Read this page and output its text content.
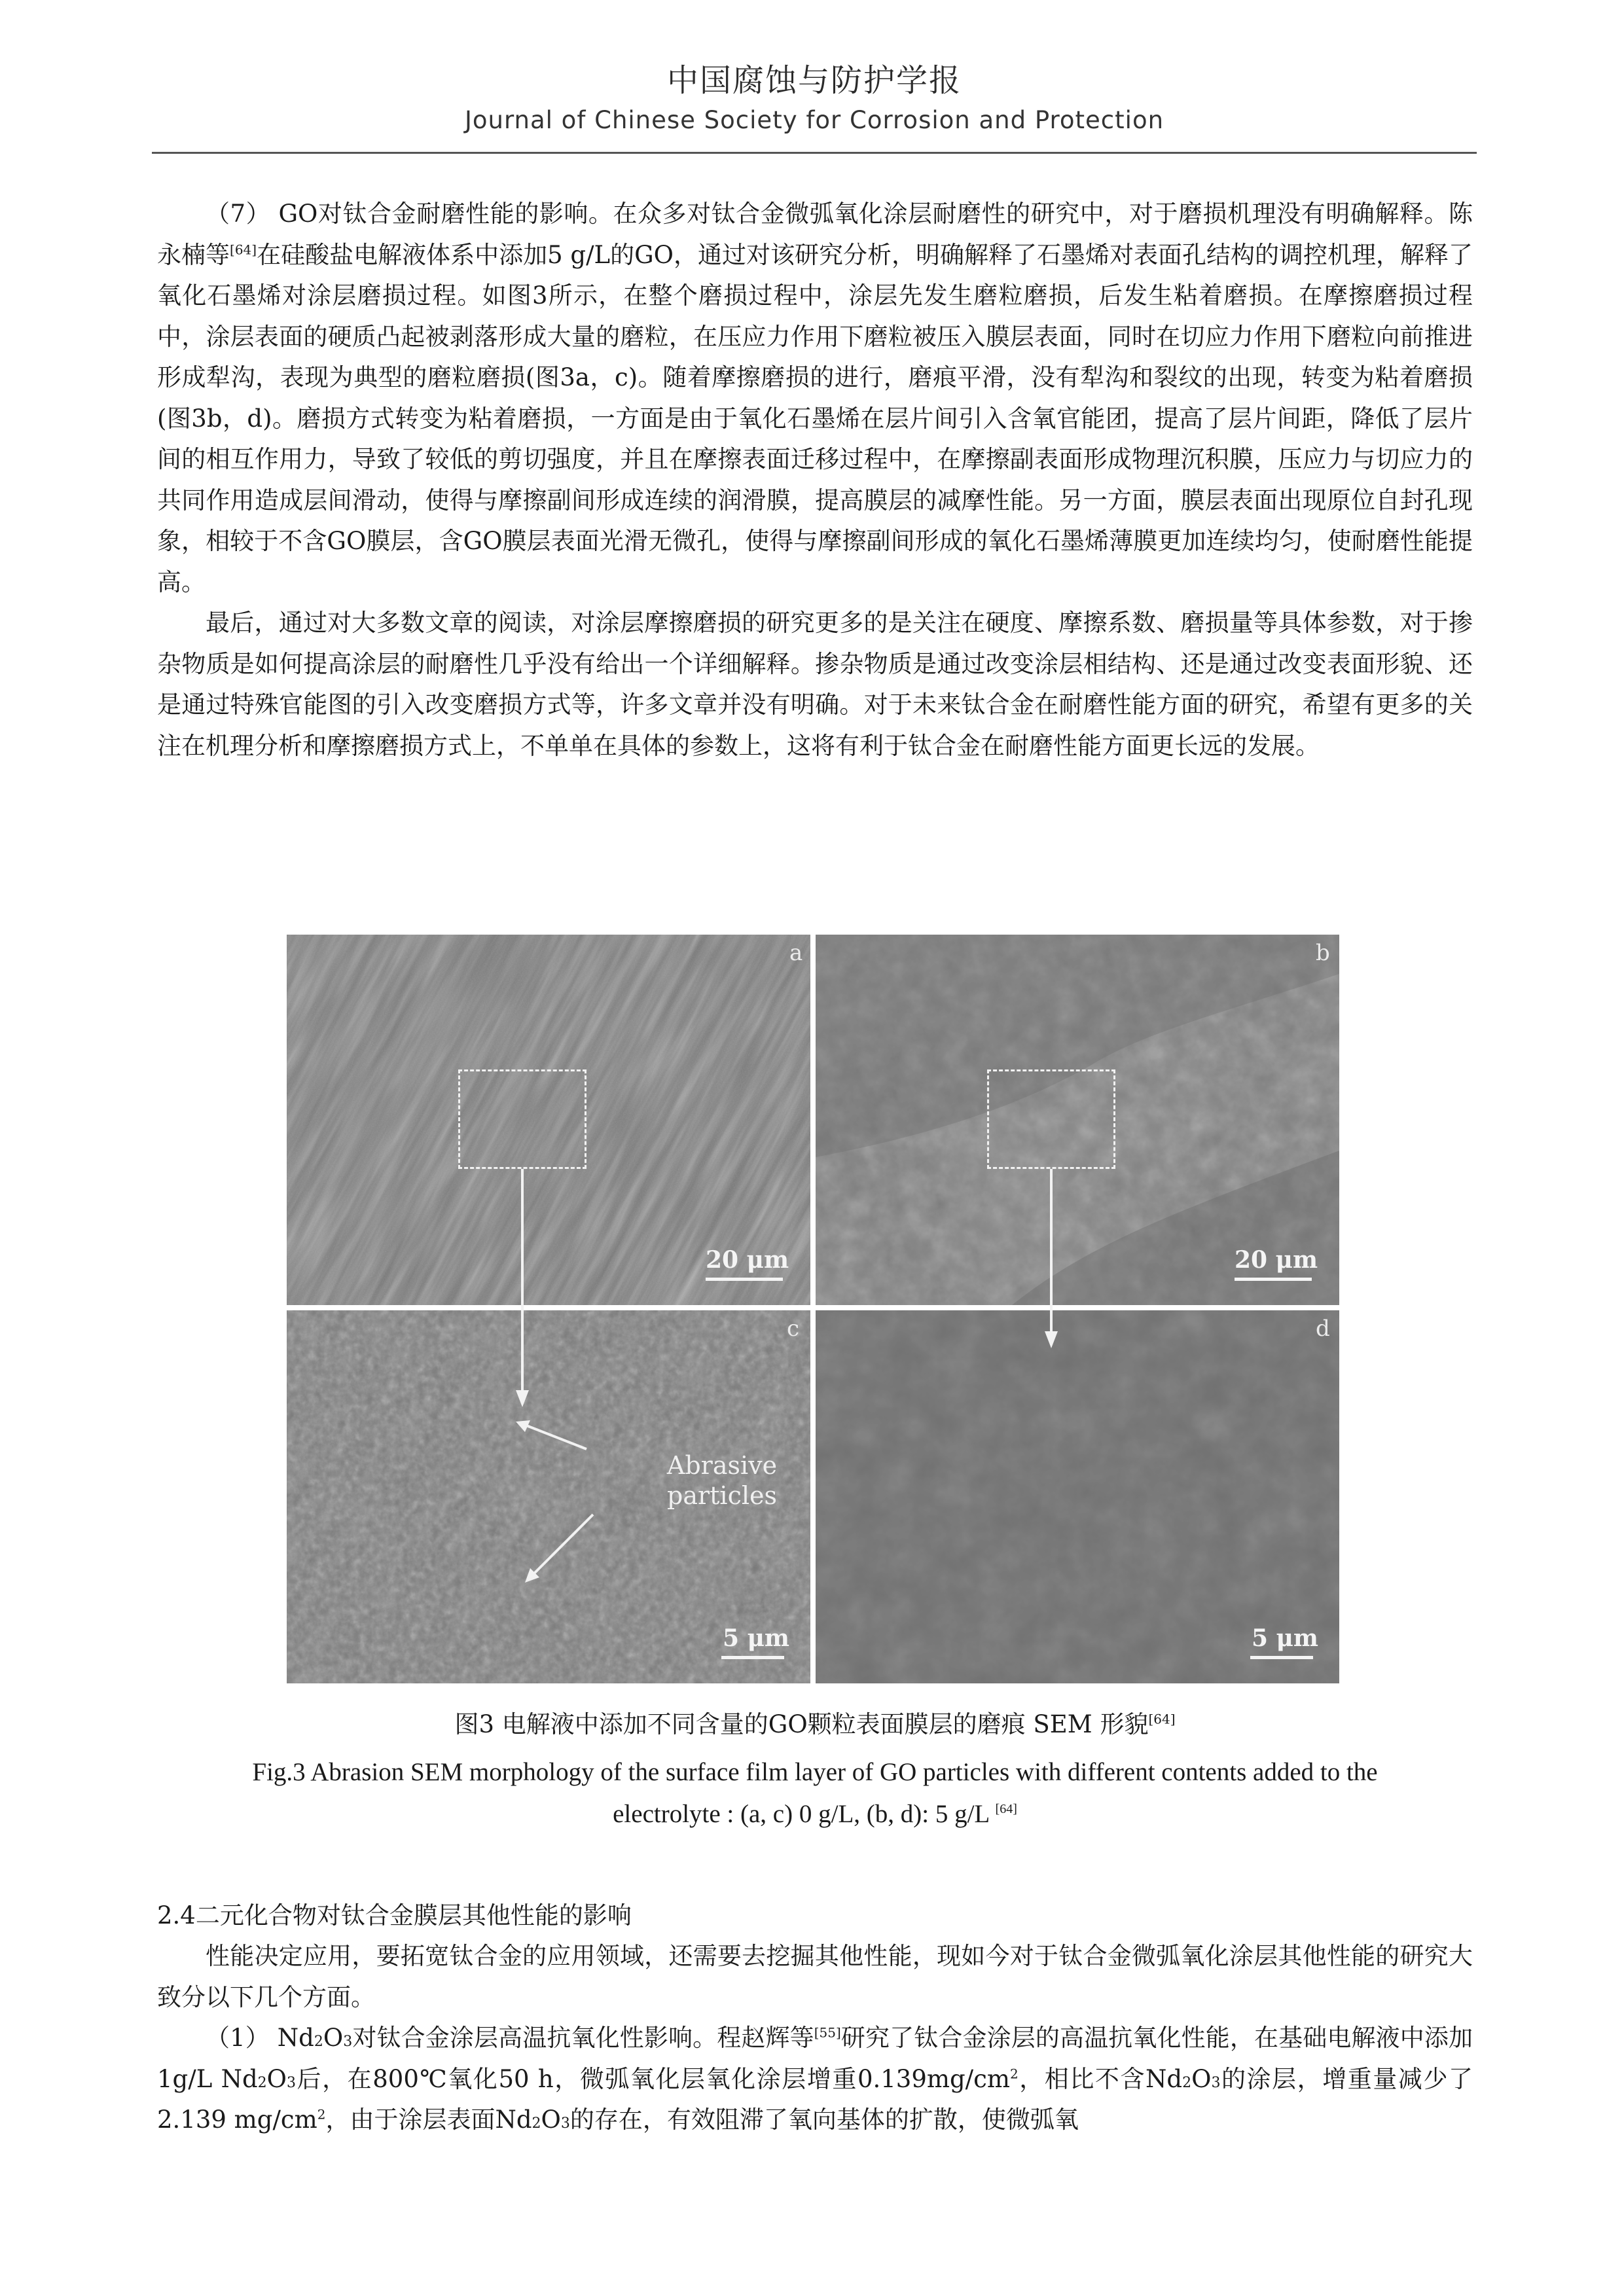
中国腐蚀与防护学报
Journal of Chinese Society for Corrosion and Protection

（7） GO对钛合金耐磨性能的影响。在众多对钛合金微弧氧化涂层耐磨性的研究中，对于磨损机理没有明确解释。陈永楠等[64]在硅酸盐电解液体系中添加5 g/L的GO，通过对该研究分析，明确解释了石墨烯对表面孔结构的调控机理，解释了氧化石墨烯对涂层磨损过程。如图3所示，在整个磨损过程中，涂层先发生磨粒磨损，后发生粘着磨损。在摩擦磨损过程中，涂层表面的硬质凸起被剥落形成大量的磨粒，在压应力作用下磨粒被压入膜层表面，同时在切应力作用下磨粒向前推进形成犁沟，表现为典型的磨粒磨损(图3a，c)。随着摩擦磨损的进行，磨痕平滑，没有犁沟和裂纹的出现，转变为粘着磨损(图3b，d)。磨损方式转变为粘着磨损，一方面是由于氧化石墨烯在层片间引入含氧官能团，提高了层片间距，降低了层片间的相互作用力，导致了较低的剪切强度，并且在摩擦表面迁移过程中，在摩擦副表面形成物理沉积膜，压应力与切应力的共同作用造成层间滑动，使得与摩擦副间形成连续的润滑膜，提高膜层的减摩性能。另一方面，膜层表面出现原位自封孔现象，相较于不含GO膜层，含GO膜层表面光滑无微孔，使得与摩擦副间形成的氧化石墨烯薄膜更加连续均匀，使耐磨性能提高。

最后，通过对大多数文章的阅读，对涂层摩擦磨损的研究更多的是关注在硬度、摩擦系数、磨损量等具体参数，对于掺杂物质是如何提高涂层的耐磨性几乎没有给出一个详细解释。掺杂物质是通过改变涂层相结构、还是通过改变表面形貌、还是通过特殊官能图的引入改变磨损方式等，许多文章并没有明确。对于未来钛合金在耐磨性能方面的研究，希望有更多的关注在机理分析和摩擦磨损方式上，不单单在具体的参数上，这将有利于钛合金在耐磨性能方面更长远的发展。

a
20 μm
b
20 μm
c
Abrasive
particles
5 μm
d
5 μm
图3 电解液中添加不同含量的GO颗粒表面膜层的磨痕 SEM 形貌[64]
Fig.3 Abrasion SEM morphology of the surface film layer of GO particles with different contents added to the
electrolyte : (a, c) 0 g/L, (b, d): 5 g/L [64]
2.4二元化合物对钛合金膜层其他性能的影响

性能决定应用，要拓宽钛合金的应用领域，还需要去挖掘其他性能，现如今对于钛合金微弧氧化涂层其他性能的研究大致分以下几个方面。

（1） Nd2O3对钛合金涂层高温抗氧化性影响。程赵辉等[55]研究了钛合金涂层的高温抗氧化性能，在基础电解液中添加1g/L Nd2O3后，在800℃氧化50 h，微弧氧化层氧化涂层增重$0.139mg/cm^2$，相比不含Nd2O3的涂层，增重量减少了2.139 $mg/cm^2$，由于涂层表面Nd2O3的存在，有效阻滞了氧向基体的扩散，使微弧氧
